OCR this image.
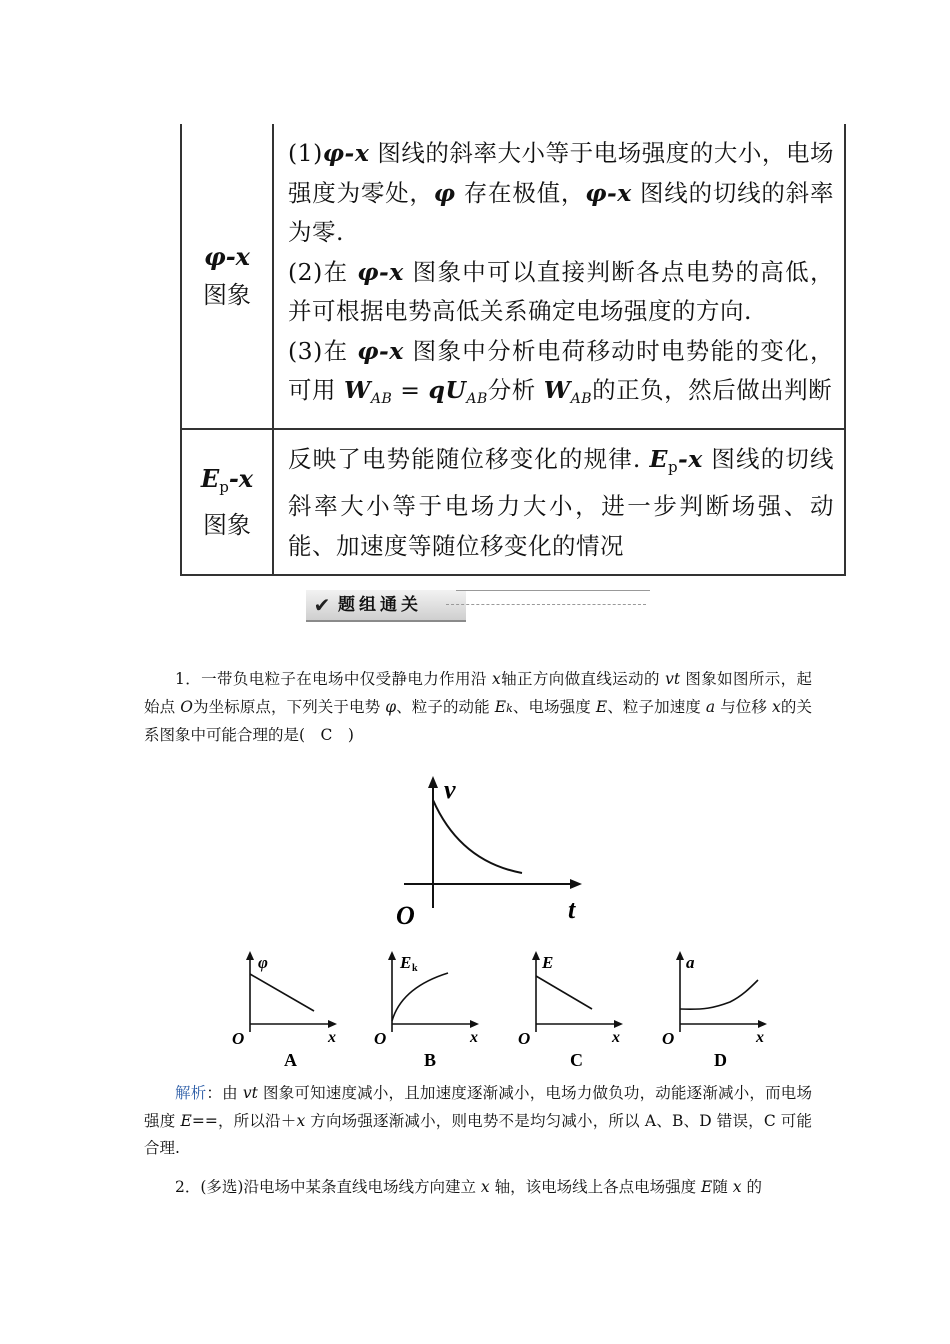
φ-x
图象	(1)φ-x 图线的斜率大小等于电场强度的大小，电场强度为零处，φ 存在极值，φ-x 图线的切线的斜率为零.
(2)在 φ-x 图象中可以直接判断各点电势的高低，并可根据电势高低关系确定电场强度的方向.
(3)在 φ-x 图象中分析电荷移动时电势能的变化，可用 $W_{AB} = qU_{AB}$分析 $W_{AB}$的正负，然后做出判断

$E_p-x$
图象	反映了电势能随位移变化的规律. $E_p-x$ 图线的切线斜率大小等于电场力大小，进一步判断场强、动能、加速度等随位移变化的情况
✔ 题组通关
1．一带负电粒子在电场中仅受静电力作用沿 x轴正方向做直线运动的 vt 图象如图所示，起始点 O为坐标原点，下列关于电势 φ、粒子的动能 Ek、电场强度 E、粒子加速度 a 与位移 x的关系图象中可能合理的是(　C　)
v
t
O
φ
x
O
A
E k
x
O
B
E
x
O
C
a
x
O
D
解析：由 vt 图象可知速度减小，且加速度逐渐减小，电场力做负功，动能逐渐减小，而电场强度 E==，所以沿＋x 方向场强逐渐减小，则电势不是均匀减小，所以 A、B、D 错误，C 可能合理.
2．(多选)沿电场中某条直线电场线方向建立 x 轴，该电场线上各点电场强度 E随 x 的
